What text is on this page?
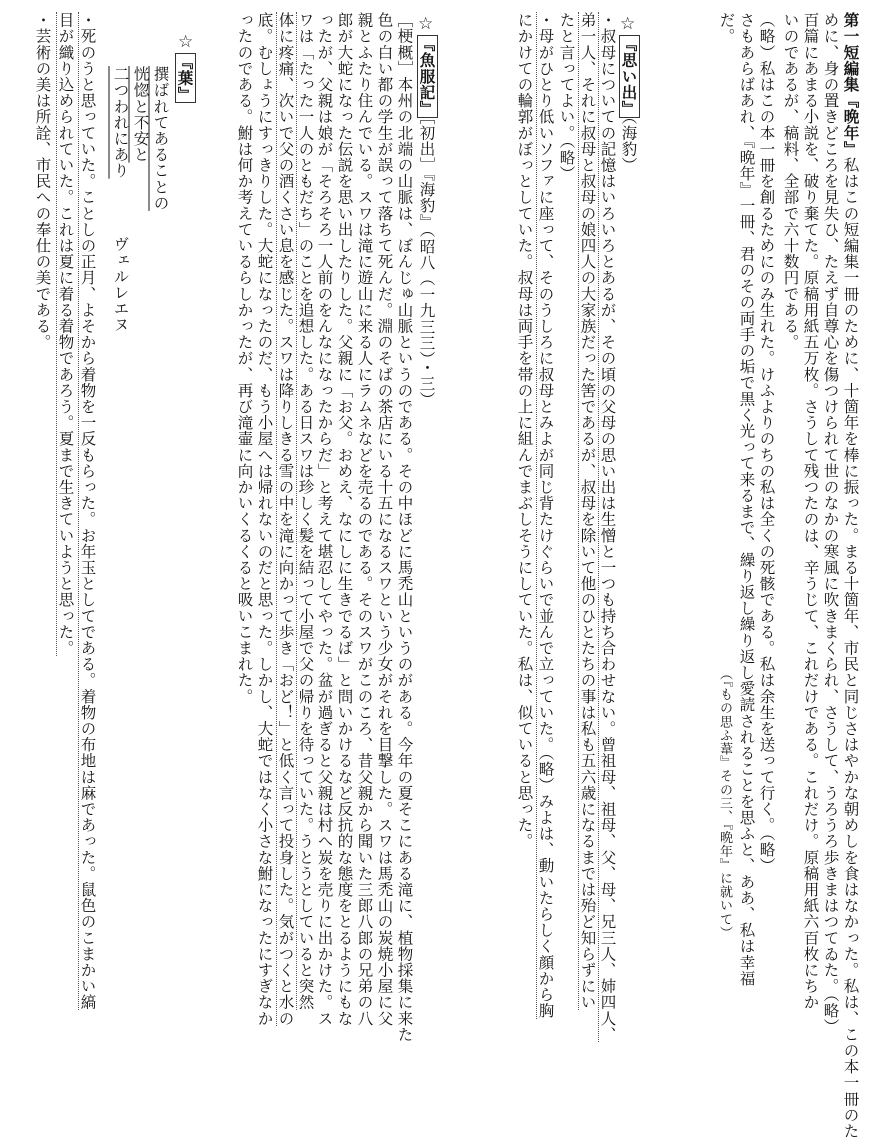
第一短編集『晩年』私はこの短編集一冊のために、十箇年を棒に振った。まる十箇年、市民と同じさはやかな朝めしを食はなかった。私は、この本一冊のた
めに、身の置きどころを見失ひ、たえず自尊心を傷つけられて世のなかの寒風に吹きまくられ、さうして、うろうろ歩きまはつてゐた。（略）
百篇にあまる小説を、破り棄てた。原稿用紙五万枚。さうして残つたのは、辛うじて、これだけである。これだけ。原稿用紙六百枚にちか
いのであるが、稿料、全部で六十数円である。
（略）私はこの本一冊を創るためにのみ生れた。けふよりのちの私は全くの死骸である。私は余生を送って行く。（略）
さもあらばあれ、『晩年』一冊、君のその両手の垢で黒く光って来るまで、繰り返し繰り返し愛読されることを思ふと、ああ、私は幸福
だ。
（『もの思ふ葦』その三、『晩年』に就いて）
☆
『思い出』（海豹）
・叔母についての記憶はいろいろとあるが、その頃の父母の思い出は生憎と一つも持ち合わせない。曾祖母、祖母、父、母、兄三人、姉四人、
弟一人、それに叔母と叔母の娘四人の大家族だった筈であるが、叔母を除いて他のひとたちの事は私も五六歳になるまでは殆ど知らずにい
たと言ってよい。（略）
・母がひとり低いソファに座って、そのうしろに叔母とみよが同じ背たけぐらいで並んで立っていた。（略）みよは、動いたらしく顔から胸
にかけての輪郭がぼっとしていた。叔母は両手を帯の上に組んでまぶしそうにしていた。私は、似ていると思った。
☆
『魚服記』［初出］『海豹』（昭八（一九三三）・三）
［梗概］本州の北端の山脈は、ぼんじゅ山脈というのである。その中ほどに馬禿山というのがある。今年の夏そこにある滝に、植物採集に来た
色の白い都の学生が誤って落ちて死んだ。淵のそばの茶店にいる十五になるスワという少女がそれを目撃した。スワは馬禿山の炭焼小屋に父
親とふたり住んでいる。スワは滝に遊山に来る人にラムネなどを売るのである。そのスワがこのころ、昔父親から聞いた三郎八郎の兄弟の八
郎が大蛇になった伝説を思い出したりした。父親に「お父。おめえ、なにしに生きでるば」と問いかけるなど反抗的な態度をとるようにもな
ったが、父親は娘が「そろそろ一人前のをんなになったからだ」と考えて堪忍してやった。盆が過ぎると父親は村へ炭を売りに出かけた。ス
ワは「たった一人のともだち」のことを追想した。ある日スワは珍しく髪を結って小屋で父の帰りを待っていた。うとうとしていると突然
体に疼痛、次いで父の酒くさい息を感じた。スワは降りしきる雪の中を滝に向かって歩き「おど！」と低く言って投身した。気がつくと水の
底。むしょうにすっきりした。大蛇になったのだ、もう小屋へは帰れないのだと思った。しかし、大蛇ではなく小さな鮒になったにすぎなか
ったのである。鮒は何か考えているらしかったが、再び滝壷に向かいくるくると吸いこまれた。
☆
『葉』
撰ばれてあることの
恍惚と不安と
二つわれにあり
ヴェルレエヌ
・死のうと思っていた。ことしの正月、よそから着物を一反もらった。お年玉としてである。着物の布地は麻であった。鼠色のこまかい縞
目が織り込められていた。これは夏に着る着物であろう。夏まで生きていようと思った。
・芸術の美は所詮、市民への奉仕の美である。
